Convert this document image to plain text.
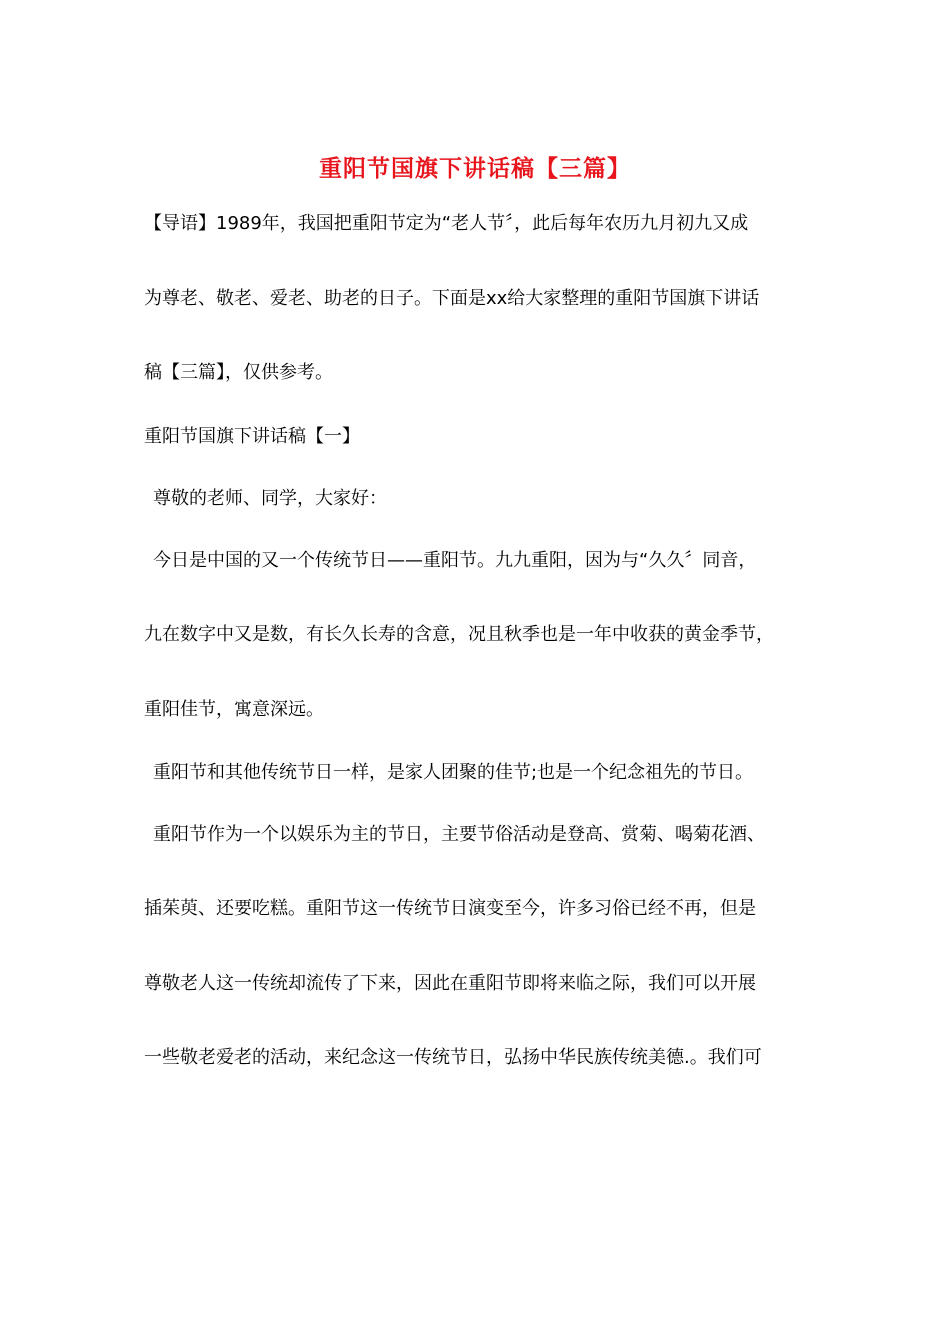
重阳节国旗下讲话稿【三篇】
【导语】1989年，我国把重阳节定为“老人节〞，此后每年农历九月初九又成
为尊老、敬老、爱老、助老的日子。下面是xx给大家整理的重阳节国旗下讲话
稿【三篇】，仅供参考。
重阳节国旗下讲话稿【一】
尊敬的老师、同学，大家好：
今日是中国的又一个传统节日——重阳节。九九重阳，因为与“久久〞同音，
九在数字中又是数，有长久长寿的含意，况且秋季也是一年中收获的黄金季节，
重阳佳节，寓意深远。
重阳节和其他传统节日一样，是家人团聚的佳节;也是一个纪念祖先的节日。
重阳节作为一个以娱乐为主的节日，主要节俗活动是登高、赏菊、喝菊花酒、
插茱萸、还要吃糕。重阳节这一传统节日演变至今，许多习俗已经不再，但是
尊敬老人这一传统却流传了下来，因此在重阳节即将来临之际，我们可以开展
一些敬老爱老的活动，来纪念这一传统节日，弘扬中华民族传统美德.。我们可
